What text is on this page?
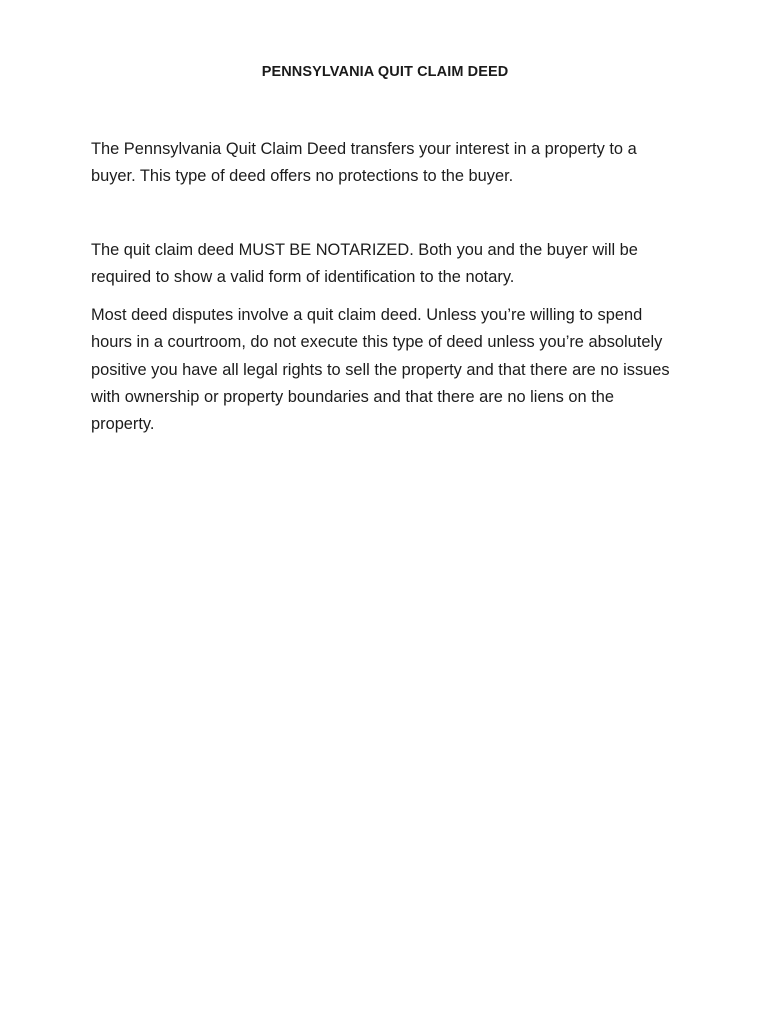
PENNSYLVANIA QUIT CLAIM DEED

The Pennsylvania Quit Claim Deed transfers your interest in a property to a buyer. This type of deed offers no protections to the buyer.

The quit claim deed MUST BE NOTARIZED. Both you and the buyer will be required to show a valid form of identification to the notary.

Most deed disputes involve a quit claim deed. Unless you’re willing to spend hours in a courtroom, do not execute this type of deed unless you’re absolutely positive you have all legal rights to sell the property and that there are no issues with ownership or property boundaries and that there are no liens on the property.
